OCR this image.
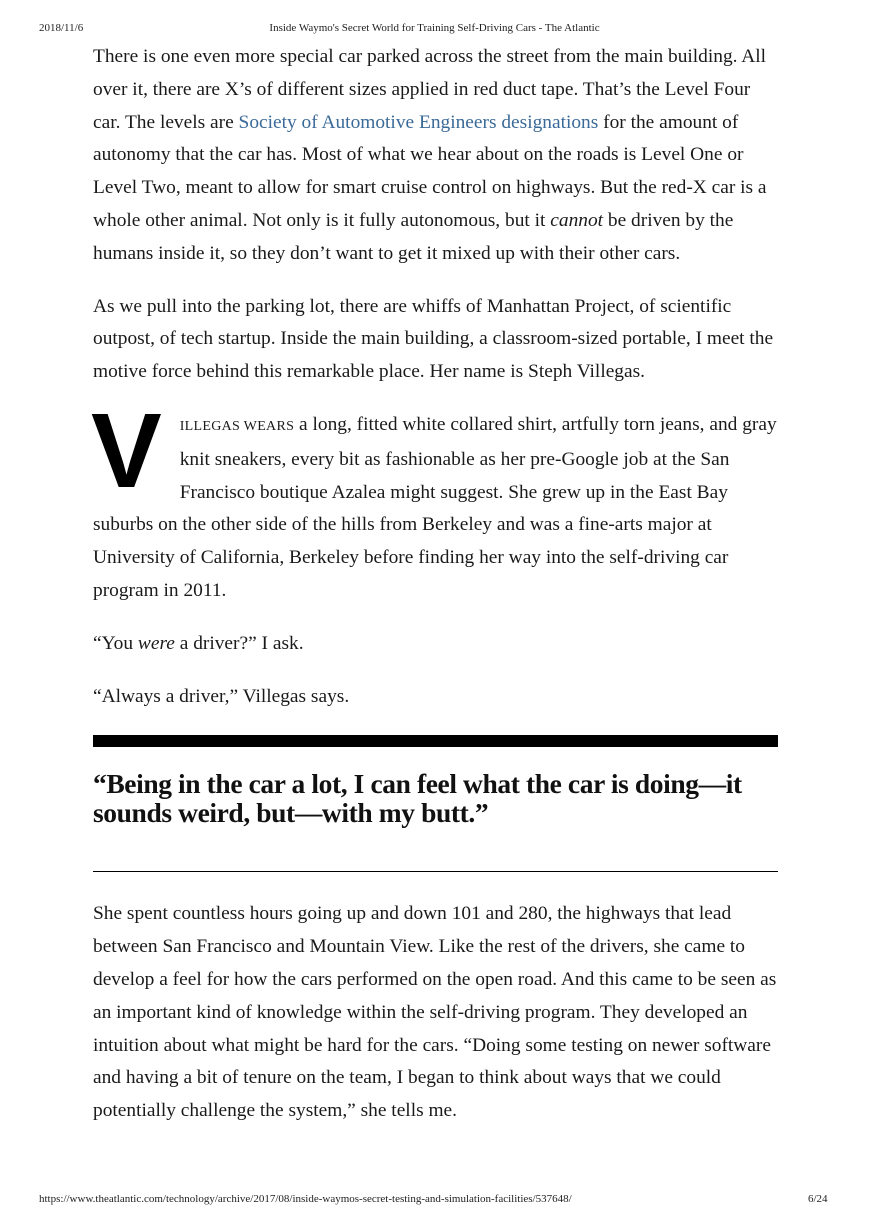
2018/11/6	Inside Waymo's Secret World for Training Self-Driving Cars - The Atlantic

There is one even more special car parked across the street from the main building. All over it, there are X’s of different sizes applied in red duct tape. That’s the Level Four car. The levels are Society of Automotive Engineers designations for the amount of autonomy that the car has. Most of what we hear about on the roads is Level One or Level Two, meant to allow for smart cruise control on highways. But the red-X car is a whole other animal. Not only is it fully autonomous, but it cannot be driven by the humans inside it, so they don’t want to get it mixed up with their other cars.

As we pull into the parking lot, there are whiffs of Manhattan Project, of scientific outpost, of tech startup. Inside the main building, a classroom-sized portable, I meet the motive force behind this remarkable place. Her name is Steph Villegas.

V ILLEGAS WEARS a long, fitted white collared shirt, artfully torn jeans, and gray knit sneakers, every bit as fashionable as her pre-Google job at the San Francisco boutique Azalea might suggest. She grew up in the East Bay suburbs on the other side of the hills from Berkeley and was a fine-arts major at University of California, Berkeley before finding her way into the self-driving car program in 2011.

“You were a driver?” I ask.

“Always a driver,” Villegas says.

“Being in the car a lot, I can feel what the car is doing—it sounds weird, but—with my butt.”

She spent countless hours going up and down 101 and 280, the highways that lead between San Francisco and Mountain View. Like the rest of the drivers, she came to develop a feel for how the cars performed on the open road. And this came to be seen as an important kind of knowledge within the self-driving program. They developed an intuition about what might be hard for the cars. “Doing some testing on newer software and having a bit of tenure on the team, I began to think about ways that we could potentially challenge the system,” she tells me.

https://www.theatlantic.com/technology/archive/2017/08/inside-waymos-secret-testing-and-simulation-facilities/537648/	6/24
